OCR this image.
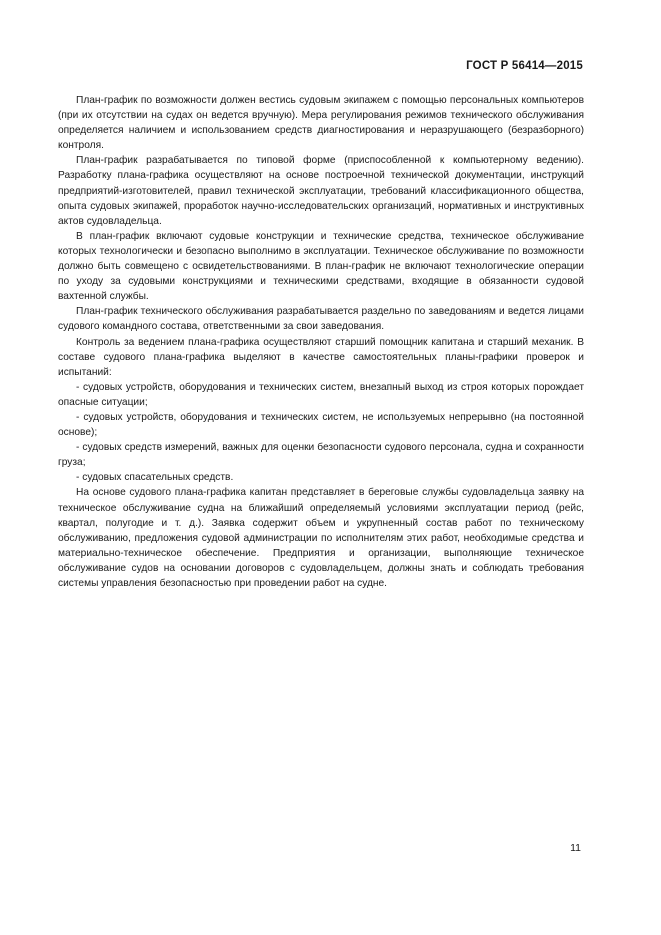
ГОСТ Р 56414—2015

План-график по возможности должен вестись судовым экипажем с помощью персональных компьютеров (при их отсутствии на судах он ведется вручную). Мера регулирования режимов технического обслуживания определяется наличием и использованием средств диагностирования и неразрушающего (безразборного) контроля.

План-график разрабатывается по типовой форме (приспособленной к компьютерному ведению). Разработку плана-графика осуществляют на основе построечной технической документации, инструкций предприятий-изготовителей, правил технической эксплуатации, требований классификационного общества, опыта судовых экипажей, проработок научно-исследовательских организаций, нормативных и инструктивных актов судовладельца.

В план-график включают судовые конструкции и технические средства, техническое обслуживание которых технологически и безопасно выполнимо в эксплуатации. Техническое обслуживание по возможности должно быть совмещено с освидетельствованиями. В план-график не включают технологические операции по уходу за судовыми конструкциями и техническими средствами, входящие в обязанности судовой вахтенной службы.

План-график технического обслуживания разрабатывается раздельно по заведованиям и ведется лицами судового командного состава, ответственными за свои заведования.

Контроль за ведением плана-графика осуществляют старший помощник капитана и старший механик. В составе судового плана-графика выделяют в качестве самостоятельных планы-графики проверок и испытаний:

- судовых устройств, оборудования и технических систем, внезапный выход из строя которых порождает опасные ситуации;

- судовых устройств, оборудования и технических систем, не используемых непрерывно (на постоянной основе);

- судовых средств измерений, важных для оценки безопасности судового персонала, судна и сохранности груза;

- судовых спасательных средств.

На основе судового плана-графика капитан представляет в береговые службы судовладельца заявку на техническое обслуживание судна на ближайший определяемый условиями эксплуатации период (рейс, квартал, полугодие и т. д.). Заявка содержит объем и укрупненный состав работ по техническому обслуживанию, предложения судовой администрации по исполнителям этих работ, необходимые средства и материально-техническое обеспечение. Предприятия и организации, выполняющие техническое обслуживание судов на основании договоров с судовладельцем, должны знать и соблюдать требования системы управления безопасностью при проведении работ на судне.

11
